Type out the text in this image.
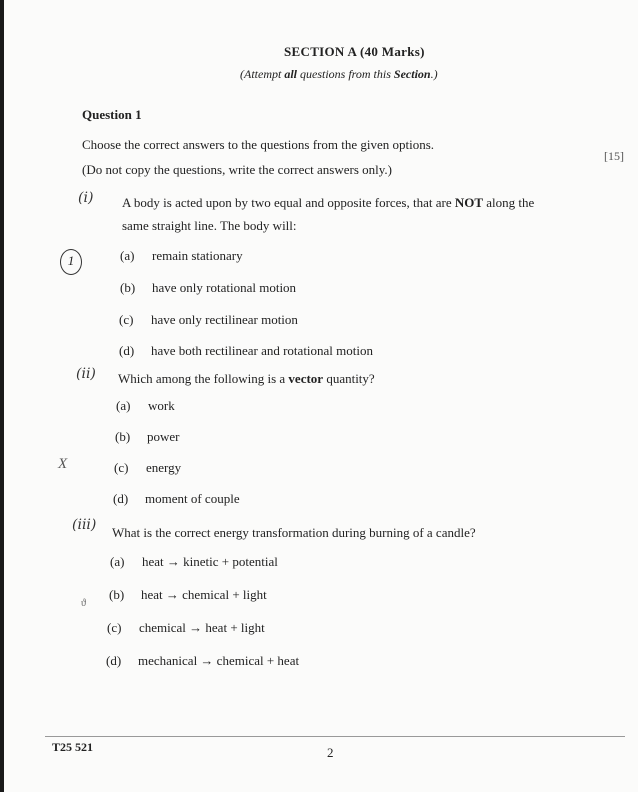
SECTION A (40 Marks)
(Attempt all questions from this Section.)
Question 1
Choose the correct answers to the questions from the given options.
(Do not copy the questions, write the correct answers only.)
[15]
(i) A body is acted upon by two equal and opposite forces, that are NOT along the
same straight line. The body will:
1	(a) remain stationary
(b) have only rotational motion
(c) have only rectilinear motion
(d) have both rectilinear and rotational motion
(ii) Which among the following is a vector quantity?
(a) work
(b) power
X	(c) energy
(d) moment of couple
(iii) What is the correct energy transformation during burning of a candle?
(a) heat → kinetic + potential
(b) heat → chemical + light
ϑ
(c) chemical → heat + light
(d) mechanical → chemical + heat
T25 521	2
